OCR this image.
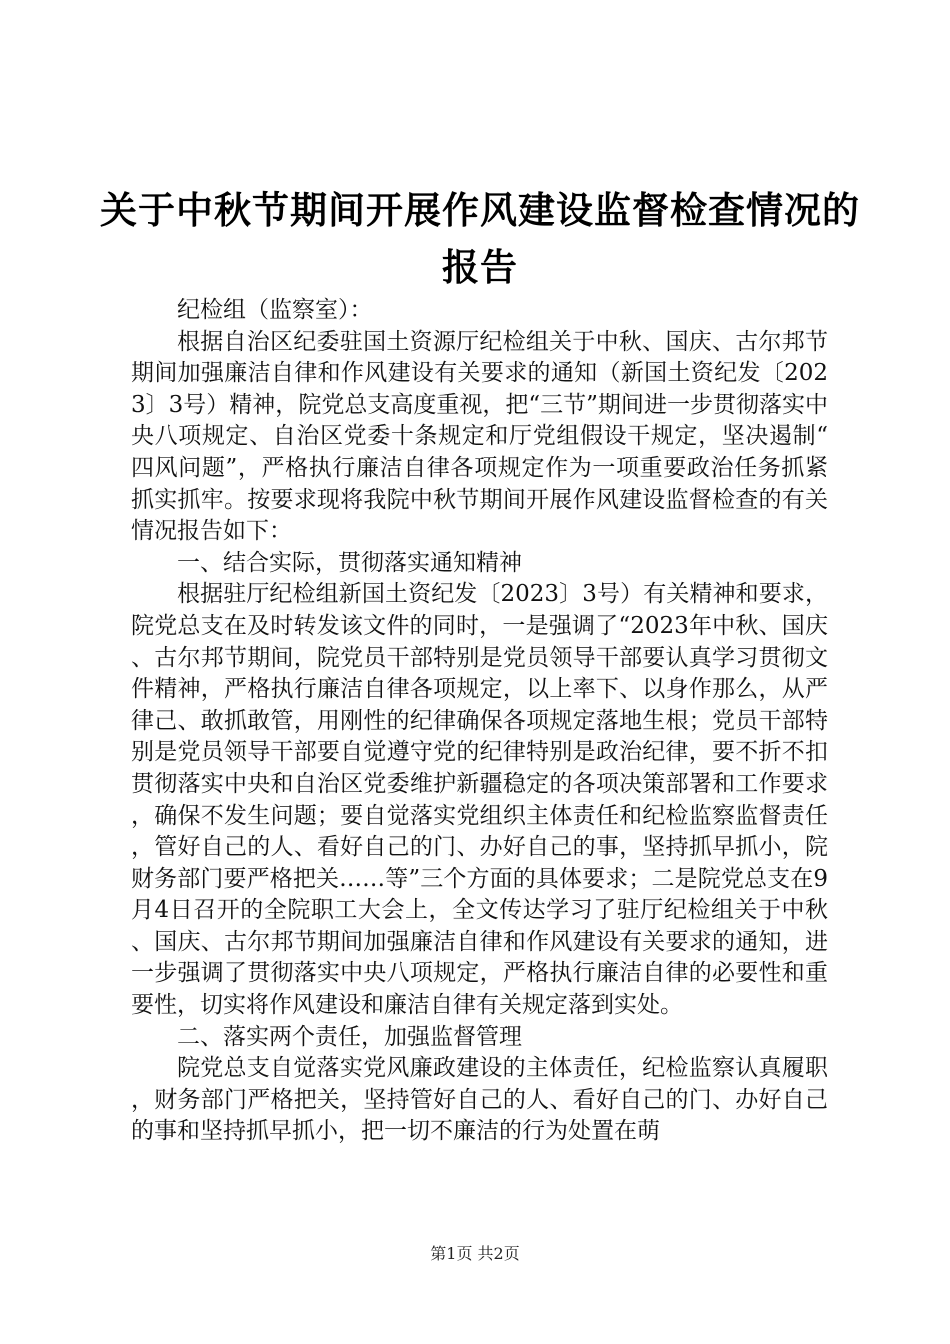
关于中秋节期间开展作风建设监督检查情况的
报告

纪检组（监察室）：

根据自治区纪委驻国土资源厅纪检组关于中秋、国庆、古尔邦节期间加强廉洁自律和作风建设有关要求的通知（新国土资纪发〔2023〕3号）精神，院党总支高度重视，把“三节”期间进一步贯彻落实中央八项规定、自治区党委十条规定和厅党组假设干规定，坚决遏制“四风问题”，严格执行廉洁自律各项规定作为一项重要政治任务抓紧抓实抓牢。按要求现将我院中秋节期间开展作风建设监督检查的有关情况报告如下：

一、结合实际，贯彻落实通知精神

根据驻厅纪检组新国土资纪发〔2023〕3号）有关精神和要求，院党总支在及时转发该文件的同时，一是强调了“2023年中秋、国庆、古尔邦节期间，院党员干部特别是党员领导干部要认真学习贯彻文件精神，严格执行廉洁自律各项规定，以上率下、以身作那么，从严律己、敢抓敢管，用刚性的纪律确保各项规定落地生根；党员干部特别是党员领导干部要自觉遵守党的纪律特别是政治纪律，要不折不扣贯彻落实中央和自治区党委维护新疆稳定的各项决策部署和工作要求，确保不发生问题；要自觉落实党组织主体责任和纪检监察监督责任，管好自己的人、看好自己的门、办好自己的事，坚持抓早抓小，院财务部门要严格把关……等”三个方面的具体要求；二是院党总支在9月4日召开的全院职工大会上，全文传达学习了驻厅纪检组关于中秋、国庆、古尔邦节期间加强廉洁自律和作风建设有关要求的通知，进一步强调了贯彻落实中央八项规定，严格执行廉洁自律的必要性和重要性，切实将作风建设和廉洁自律有关规定落到实处。

二、落实两个责任，加强监督管理

院党总支自觉落实党风廉政建设的主体责任，纪检监察认真履职，财务部门严格把关，坚持管好自己的人、看好自己的门、办好自己的事和坚持抓早抓小，把一切不廉洁的行为处置在萌

第1页 共2页
